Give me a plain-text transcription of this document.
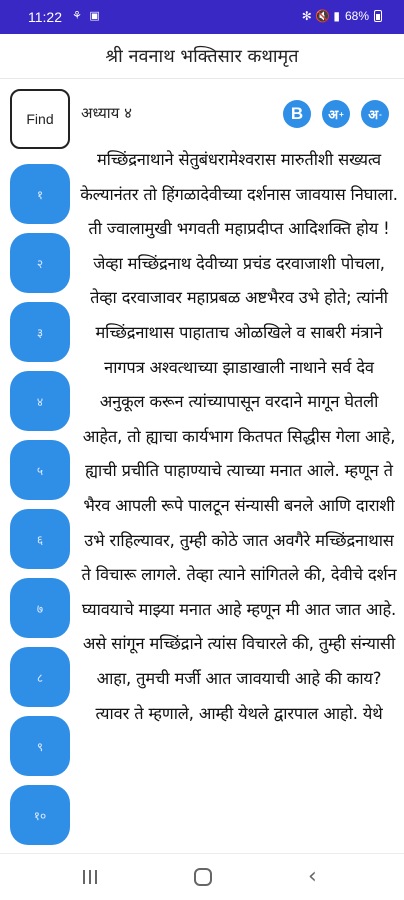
11:22 ⚘ ▣	✻ 🔇 ▮ 68%
श्री नवनाथ भक्तिसार कथामृत
Find	अध्याय ४	B अ + अ -
१
२
३
४
५
६
७
८
९
१०

मच्छिंद्रनाथाने सेतुबंधरामेश्वरास मारुतीशी सख्यत्व केल्यानंतर तो हिंगळादेवीच्या दर्शनास जावयास निघाला. ती ज्वालामुखी भगवती महाप्रदीप्त आदिशक्ति होय ! जेव्हा मच्छिंद्रनाथ देवीच्या प्रचंड दरवाजाशी पोचला, तेव्हा दरवाजावर महाप्रबळ अष्टभैरव उभे होते; त्यांनी मच्छिंद्रनाथास पाहाताच ओळखिले व साबरी मंत्राने नागपत्र अश्वत्थाच्या झाडाखाली नाथाने सर्व देव अनुकूल करून त्यांच्यापासून वरदाने मागून घेतली आहेत, तो ह्याचा कार्यभाग कितपत सिद्धीस गेला आहे, ह्याची प्रचीति पाहाण्याचे त्याच्या मनात आले. म्हणून ते भैरव आपली रूपे पालटून संन्यासी बनले आणि दाराशी उभे राहिल्यावर, तुम्ही कोठे जात अवगैरे मच्छिंद्रनाथास ते विचारू लागले. तेव्हा त्याने सांगितले की, देवीचे दर्शन घ्यावयाचे माझ्या मनात आहे म्हणून मी आत जात आहे. असे सांगून मच्छिंद्राने त्यांस विचारले की, तुम्ही संन्यासी आहा, तुमची मर्जी आत जावयाची आहे की काय? त्यावर ते म्हणाले, आम्ही येथले द्वारपाल आहो. येथे

‹
